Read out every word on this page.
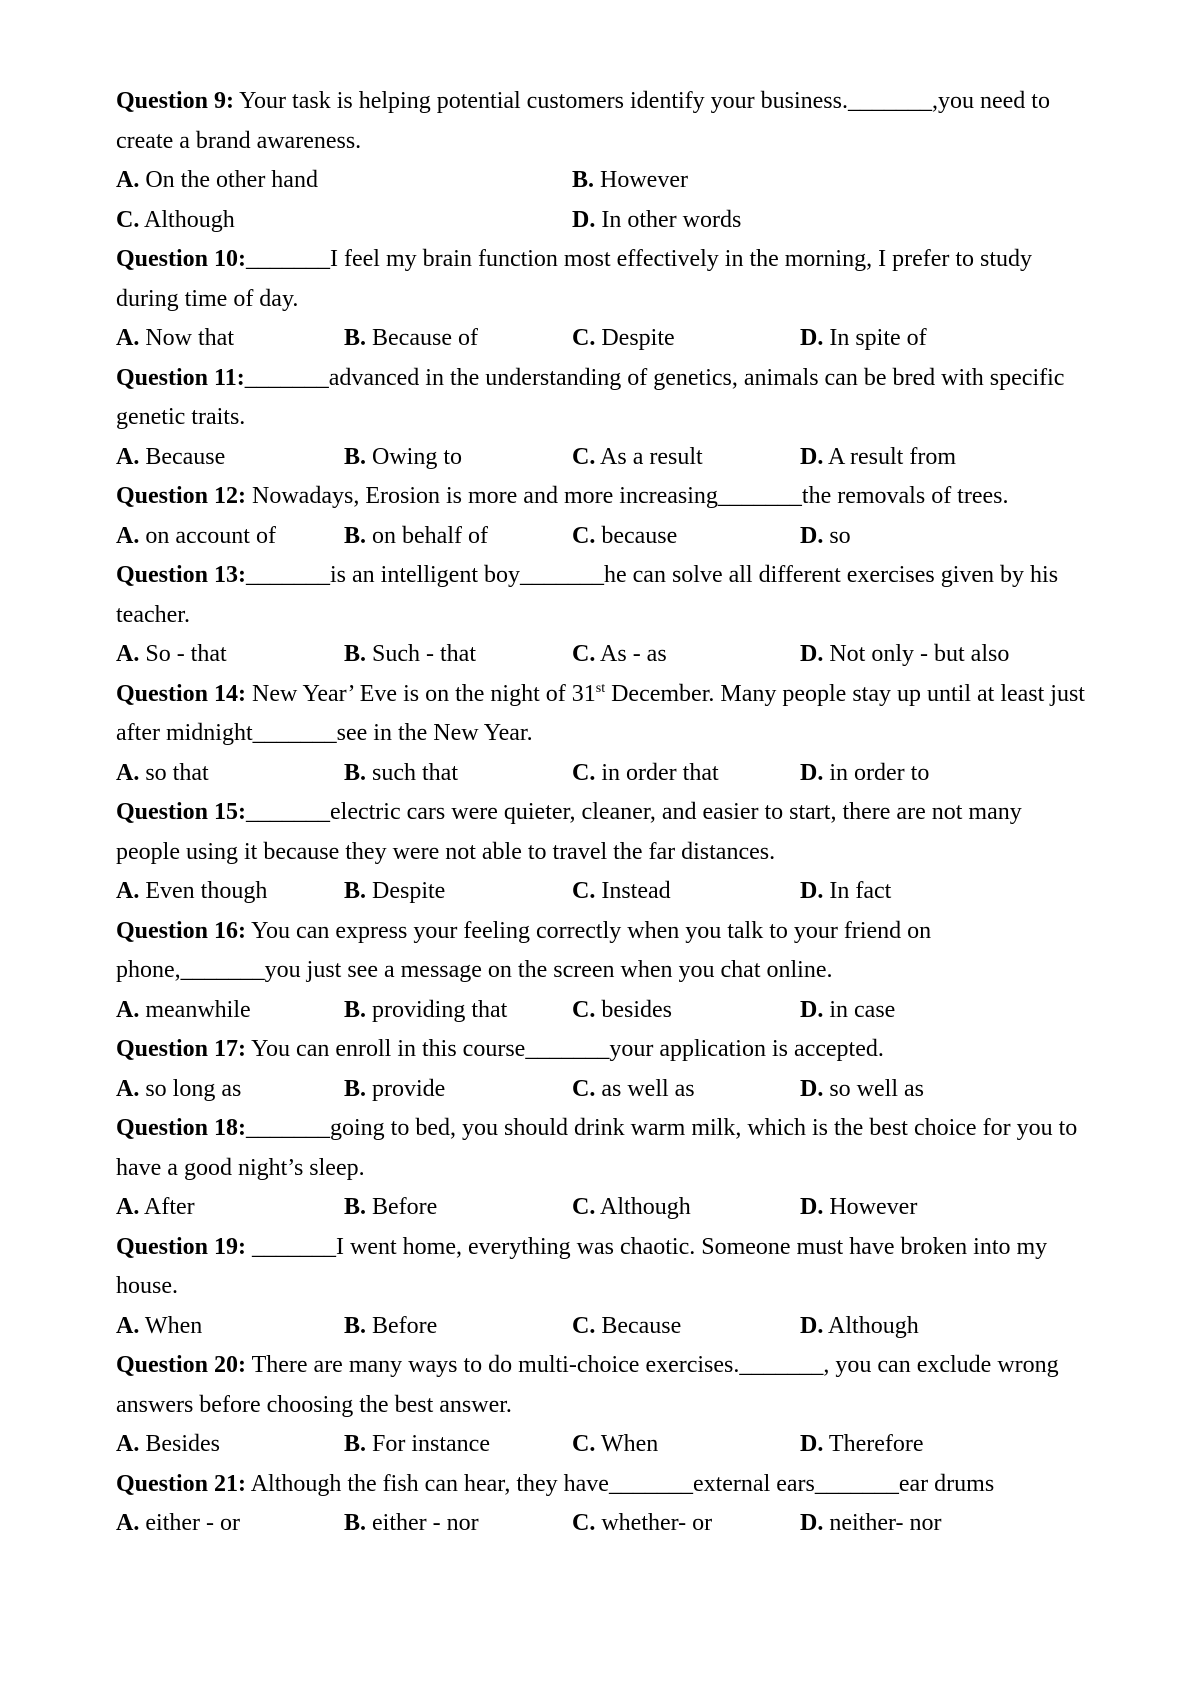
Question 9: Your task is helping potential customers identify your business._______,you need to create a brand awareness.

A. On the other hand	B. However
C. Although	D. In other words

Question 10:_______I feel my brain function most effectively in the morning, I prefer to study during time of day.

A. Now that	B. Because of	C. Despite	D. In spite of

Question 11:_______advanced in the understanding of genetics, animals can be bred with specific genetic traits.

A. Because	B. Owing to	C. As a result	D. A result from

Question 12: Nowadays, Erosion is more and more increasing_______the removals of trees.

A. on account of	B. on behalf of	C. because	D. so

Question 13:_______is an intelligent boy_______he can solve all different exercises given by his teacher.

A. So - that	B. Such - that	C. As - as	D. Not only - but also

Question 14: New Year’ Eve is on the night of 31st December. Many people stay up until at least just after midnight_______see in the New Year.

A. so that	B. such that	C. in order that	D. in order to

Question 15:_______electric cars were quieter, cleaner, and easier to start, there are not many people using it because they were not able to travel the far distances.

A. Even though	B. Despite	C. Instead	D. In fact

Question 16: You can express your feeling correctly when you talk to your friend on phone,_______you just see a message on the screen when you chat online.

A. meanwhile	B. providing that	C. besides	D. in case

Question 17: You can enroll in this course_______your application is accepted.

A. so long as	B. provide	C. as well as	D. so well as

Question 18:_______going to bed, you should drink warm milk, which is the best choice for you to have a good night’s sleep.

A. After	B. Before	C. Although	D. However

Question 19: _______I went home, everything was chaotic. Someone must have broken into my house.

A. When	B. Before	C. Because	D. Although

Question 20: There are many ways to do multi-choice exercises._______, you can exclude wrong answers before choosing the best answer.

A. Besides	B. For instance	C. When	D. Therefore

Question 21: Although the fish can hear, they have_______external ears_______ear drums

A. either - or	B. either - nor	C. whether- or	D. neither- nor
